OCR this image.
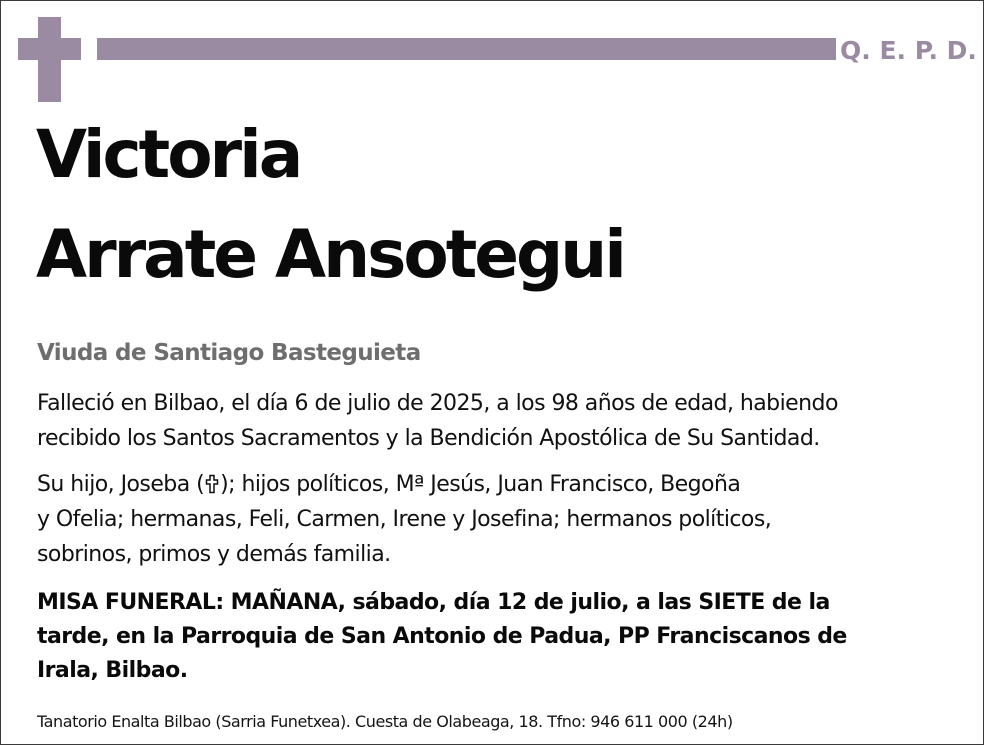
Q. E. P. D.
Victoria
Arrate Ansotegui
Viuda de Santiago Basteguieta
Falleció en Bilbao, el día 6 de julio de 2025, a los 98 años de edad, habiendo
recibido los Santos Sacramentos y la Bendición Apostólica de Su Santidad.
Su hijo, Joseba ( ); hijos políticos, Mª Jesús, Juan Francisco, Begoña
y Ofelia; hermanas, Feli, Carmen, Irene y Josefina; hermanos políticos,
sobrinos, primos y demás familia.
MISA FUNERAL: MAÑANA, sábado, día 12 de julio, a las SIETE de la
tarde, en la Parroquia de San Antonio de Padua, PP Franciscanos de
Irala, Bilbao.
Tanatorio Enalta Bilbao (Sarria Funetxea). Cuesta de Olabeaga, 18. Tfno: 946 611 000 (24h)
